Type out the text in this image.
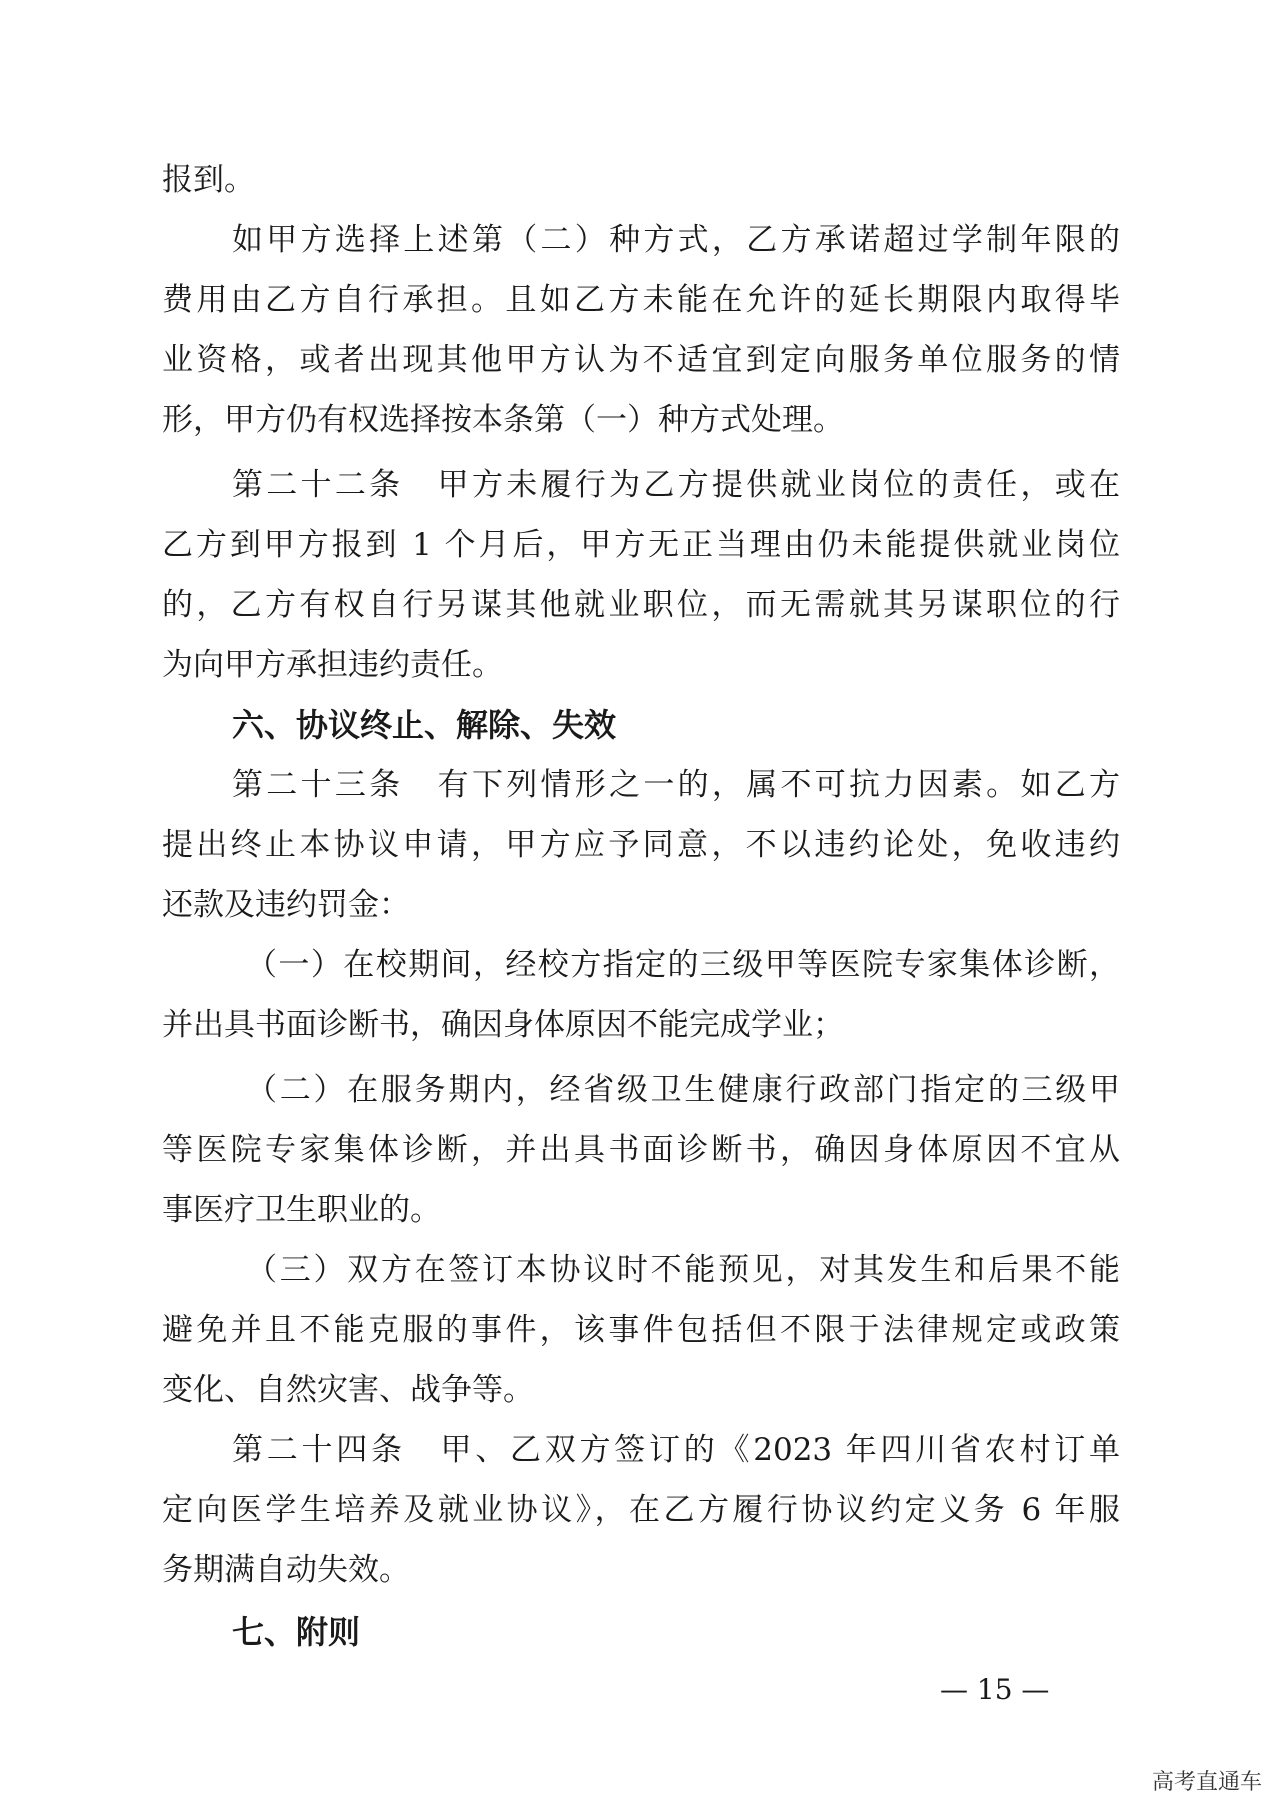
报到。
如甲方选择上述第（二）种方式，乙方承诺超过学制年限的
费用由乙方自行承担。且如乙方未能在允许的延长期限内取得毕
业资格，或者出现其他甲方认为不适宜到定向服务单位服务的情
形，甲方仍有权选择按本条第（一）种方式处理。
第二十二条　甲方未履行为乙方提供就业岗位的责任，或在
乙方到甲方报到 1 个月后，甲方无正当理由仍未能提供就业岗位
的，乙方有权自行另谋其他就业职位，而无需就其另谋职位的行
为向甲方承担违约责任。
六、协议终止、解除、失效
第二十三条　有下列情形之一的，属不可抗力因素。如乙方
提出终止本协议申请，甲方应予同意，不以违约论处，免收违约
还款及违约罚金：
（一）在校期间，经校方指定的三级甲等医院专家集体诊断，
并出具书面诊断书，确因身体原因不能完成学业；
（二）在服务期内，经省级卫生健康行政部门指定的三级甲
等医院专家集体诊断，并出具书面诊断书，确因身体原因不宜从
事医疗卫生职业的。
（三）双方在签订本协议时不能预见，对其发生和后果不能
避免并且不能克服的事件，该事件包括但不限于法律规定或政策
变化、自然灾害、战争等。
第二十四条　甲、乙双方签订的《2023 年四川省农村订单
定向医学生培养及就业协议》，在乙方履行协议约定义务 6 年服
务期满自动失效。
七、附则
— 15 —
高考直通车
